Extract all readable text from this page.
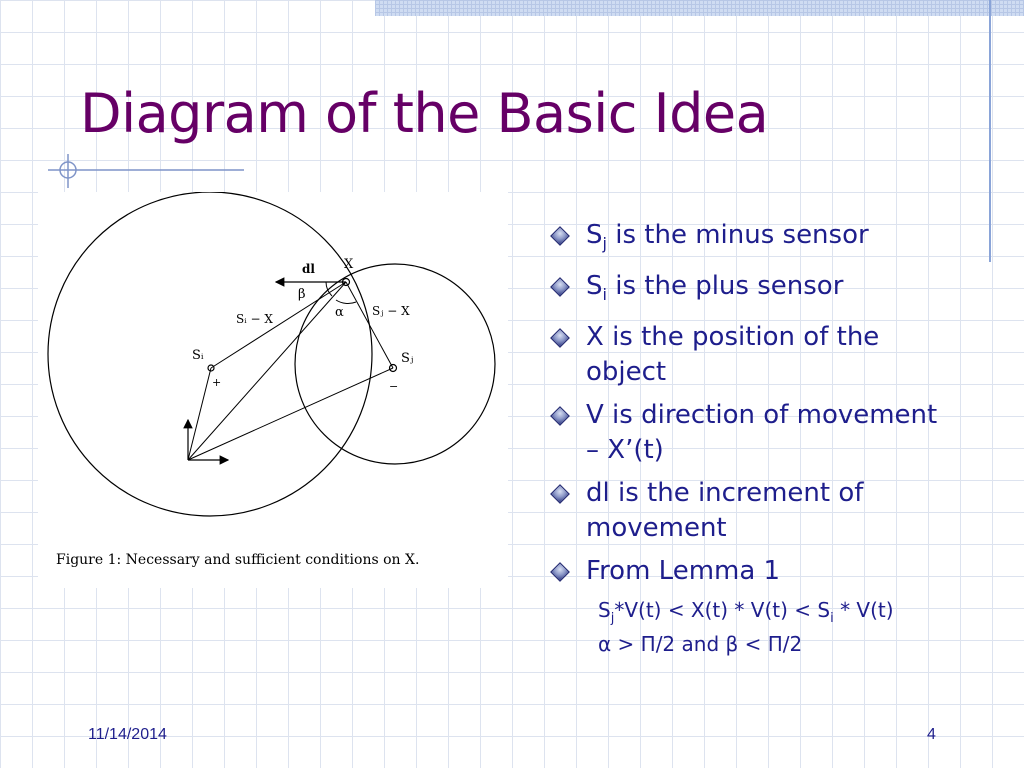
Diagram of the Basic Idea
dl X
β
α
Sᵢ − X
Sⱼ − X
Sᵢ	Sⱼ
+	−
Figure 1: Necessary and sufficient conditions on X.
$S_j$ is the minus sensor
$S_i$ is the plus sensor
X is the position of the object
V is direction of movement – X’(t)
dl is the increment of movement
From Lemma 1

$S_j*V(t) < X(t) * V(t) < S_i * V(t)$

α > Π/2 and β < Π/2

11/14/2014	4
